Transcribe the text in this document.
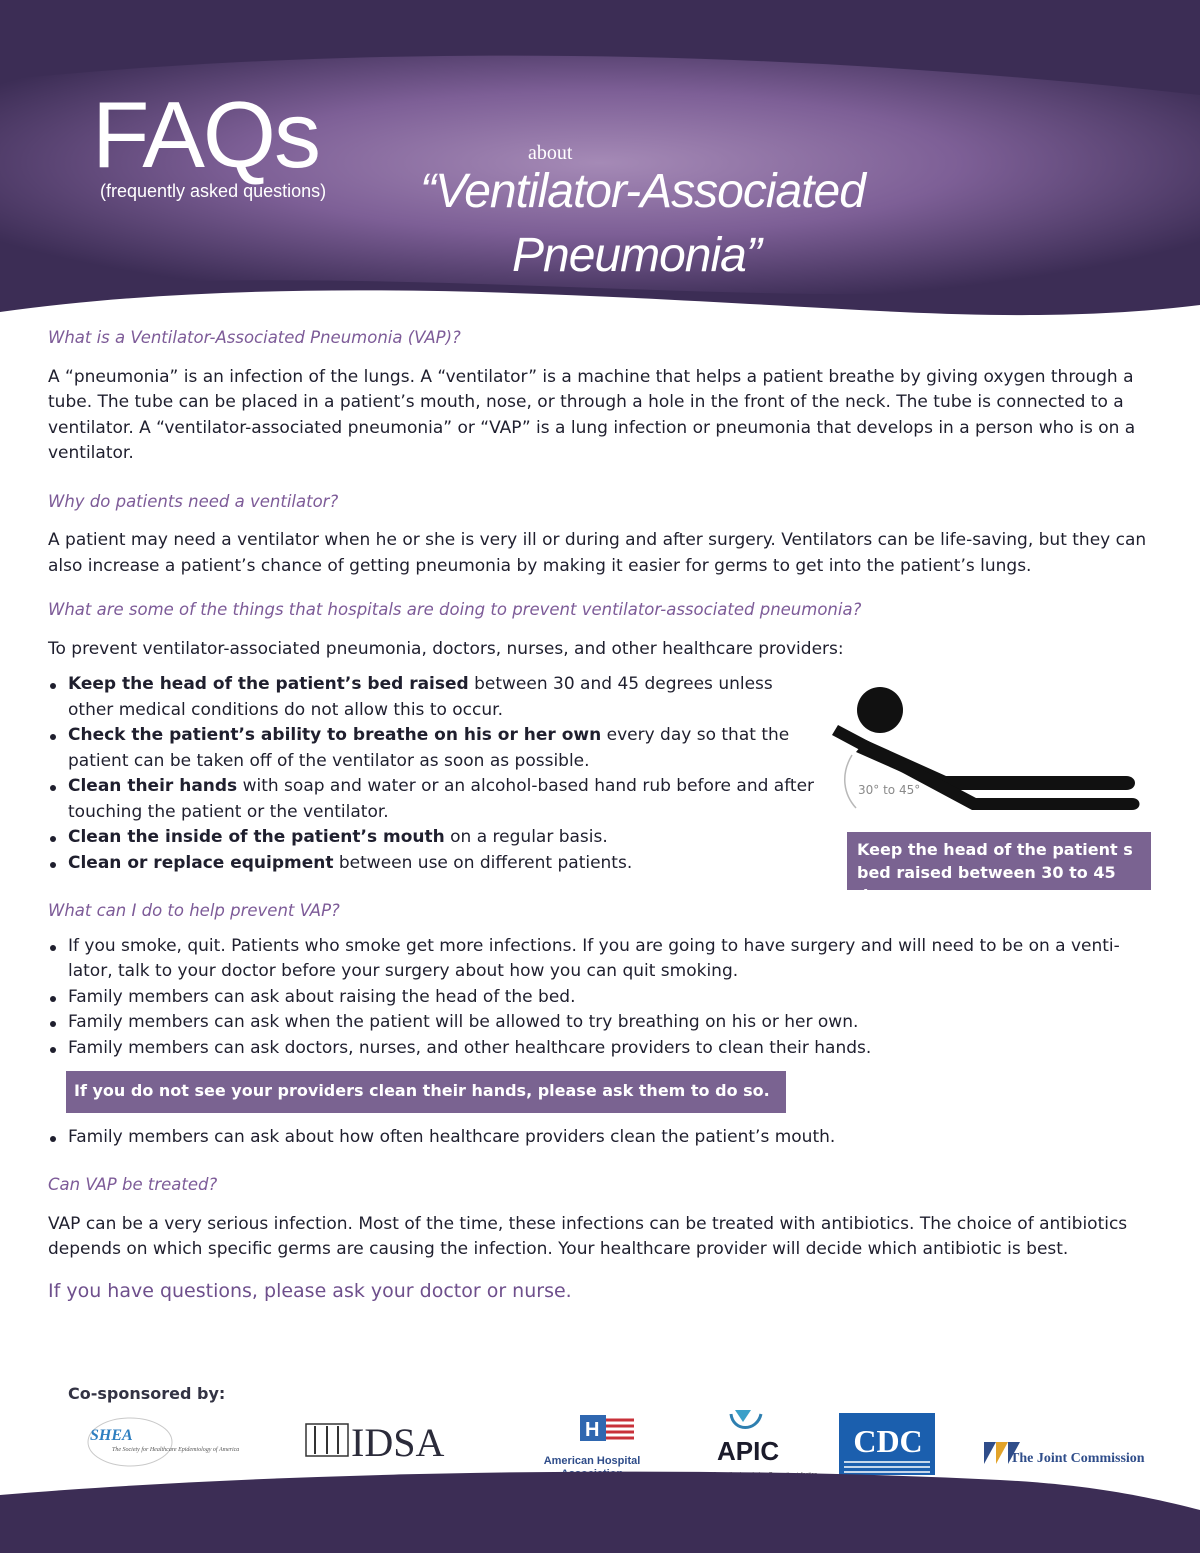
FAQs
(frequently asked questions)
about
“Ventilator-Associated
Pneumonia”

What is a Ventilator-Associated Pneumonia (VAP)?

A “pneumonia” is an infection of the lungs. A “ventilator” is a machine that helps a patient breathe by giving oxygen through a tube. The tube can be placed in a patient’s mouth, nose, or through a hole in the front of the neck. The tube is connected to a ventilator. A “ventilator-associated pneumonia” or “VAP” is a lung infection or pneumonia that develops in a person who is on a ventilator.

Why do patients need a ventilator?

A patient may need a ventilator when he or she is very ill or during and after surgery. Ventilators can be life-saving, but they can also increase a patient’s chance of getting pneumonia by making it easier for germs to get into the patient’s lungs.

What are some of the things that hospitals are doing to prevent ventilator-associated pneumonia?

To prevent ventilator-associated pneumonia, doctors, nurses, and other healthcare providers:

Keep the head of the patient’s bed raised between 30 and 45 degrees unless other medical conditions do not allow this to occur.
Check the patient’s ability to breathe on his or her own every day so that the patient can be taken off of the ventilator as soon as possible.
Clean their hands with soap and water or an alcohol-based hand rub before and after touching the patient or the ventilator.
Clean the inside of the patient’s mouth on a regular basis.
Clean or replace equipment between use on different patients.

What can I do to help prevent VAP?

If you smoke, quit. Patients who smoke get more infections. If you are going to have surgery and will need to be on a venti-lator, talk to your doctor before your surgery about how you can quit smoking.
Family members can ask about raising the head of the bed.
Family members can ask when the patient will be allowed to try breathing on his or her own.
Family members can ask doctors, nurses, and other healthcare providers to clean their hands.
If you do not see your providers clean their hands, please ask them to do so.
Family members can ask about how often healthcare providers clean the patient’s mouth.

Can VAP be treated?

VAP can be a very serious infection. Most of the time, these infections can be treated with antibiotics. The choice of antibiotics depends on which specific germs are causing the infection. Your healthcare provider will decide which antibiotic is best.

If you have questions, please ask your doctor or nurse.

30° to 45°
Keep the head of the patient s bed raised between 30 to 45 degrees.
Co-sponsored by:
SHEA
The Society for Healthcare Epidemiology of America	IDSA	H
American Hospital	APIC CDC	The Joint Commission
